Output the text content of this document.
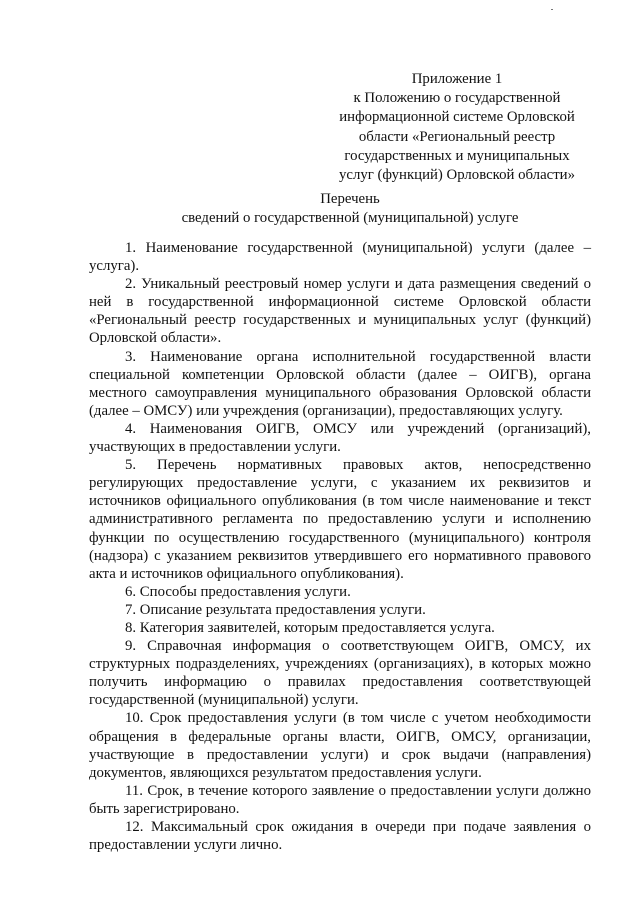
Приложение 1
к Положению о государственной
информационной системе Орловской
области «Региональный реестр
государственных и муниципальных
услуг (функций) Орловской области»
Перечень
сведений о государственной (муниципальной) услуге

1. Наименование государственной (муниципальной) услуги (далее – услуга).

2. Уникальный реестровый номер услуги и дата размещения сведений о ней в государственной информационной системе Орловской области «Региональный реестр государственных и муниципальных услуг (функций) Орловской области».

3. Наименование органа исполнительной государственной власти специальной компетенции Орловской области (далее – ОИГВ), органа местного самоуправления муниципального образования Орловской области (далее – ОМСУ) или учреждения (организации), предоставляющих услугу.

4. Наименования ОИГВ, ОМСУ или учреждений (организаций), участвующих в предоставлении услуги.

5. Перечень нормативных правовых актов, непосредственно регулирующих предоставление услуги, с указанием их реквизитов и источников официального опубликования (в том числе наименование и текст административного регламента по предоставлению услуги и исполнению функции по осуществлению государственного (муниципального) контроля (надзора) с указанием реквизитов утвердившего его нормативного правового акта и источников официального опубликования).

6. Способы предоставления услуги.

7. Описание результата предоставления услуги.

8. Категория заявителей, которым предоставляется услуга.

9. Справочная информация о соответствующем ОИГВ, ОМСУ, их структурных подразделениях, учреждениях (организациях), в которых можно получить информацию о правилах предоставления соответствующей государственной (муниципальной) услуги.

10. Срок предоставления услуги (в том числе с учетом необходимости обращения в федеральные органы власти, ОИГВ, ОМСУ, организации, участвующие в предоставлении услуги) и срок выдачи (направления) документов, являющихся результатом предоставления услуги.

11. Срок, в течение которого заявление о предоставлении услуги должно быть зарегистрировано.

12. Максимальный срок ожидания в очереди при подаче заявления о предоставлении услуги лично.
